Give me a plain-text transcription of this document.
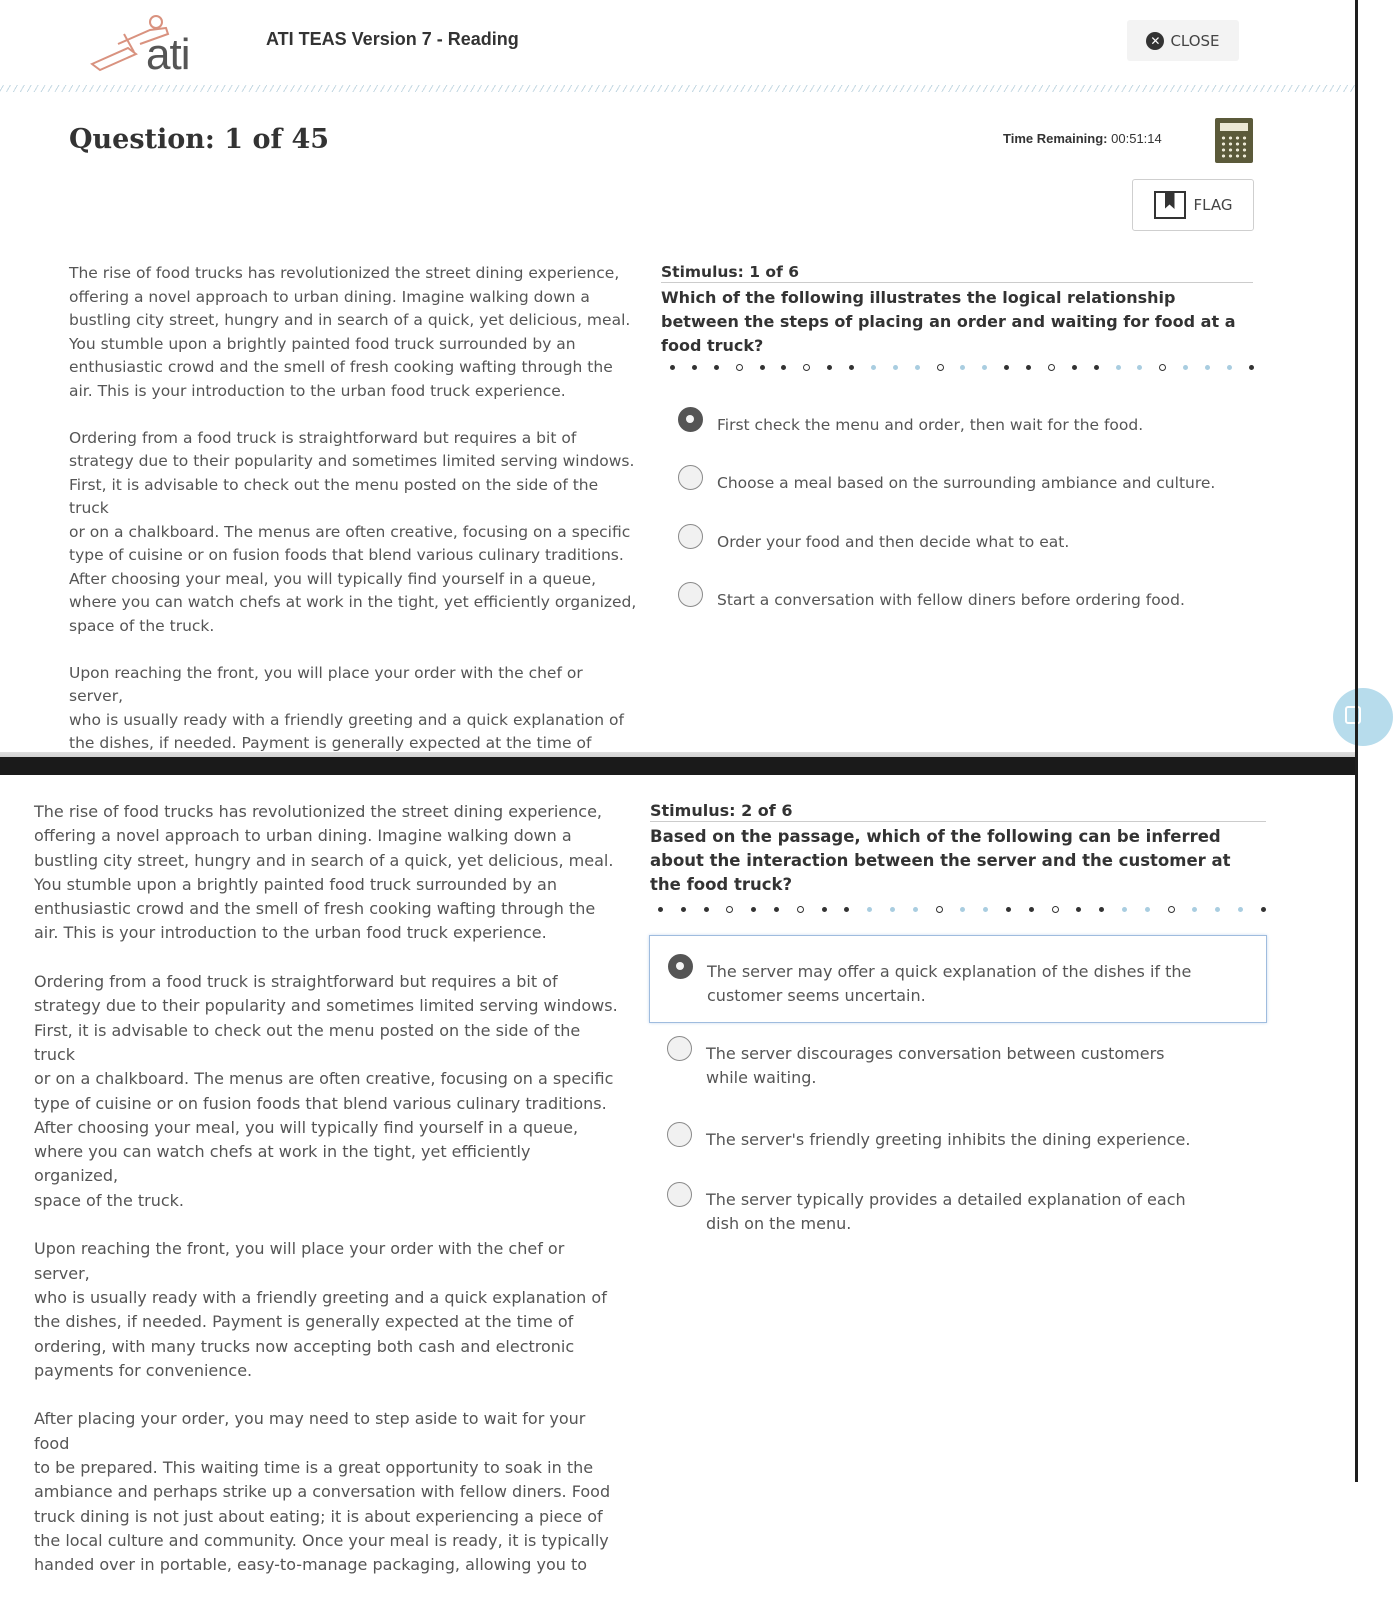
ati	ATI TEAS Version 7 - Reading	✕ CLOSE
Question: 1 of 45	Time Remaining: 00:51:14
FLAG

The rise of food trucks has revolutionized the street dining experience,
offering a novel approach to urban dining. Imagine walking down a
bustling city street, hungry and in search of a quick, yet delicious, meal.
You stumble upon a brightly painted food truck surrounded by an
enthusiastic crowd and the smell of fresh cooking wafting through the
air. This is your introduction to the urban food truck experience.

Ordering from a food truck is straightforward but requires a bit of
strategy due to their popularity and sometimes limited serving windows.
First, it is advisable to check out the menu posted on the side of the truck
or on a chalkboard. The menus are often creative, focusing on a specific
type of cuisine or on fusion foods that blend various culinary traditions.
After choosing your meal, you will typically find yourself in a queue,
where you can watch chefs at work in the tight, yet efficiently organized,
space of the truck.

Upon reaching the front, you will place your order with the chef or server,
who is usually ready with a friendly greeting and a quick explanation of
the dishes, if needed. Payment is generally expected at the time of

Stimulus: 1 of 6
Which of the following illustrates the logical relationship between the steps of placing an order and waiting for food at a food truck?
First check the menu and order, then wait for the food.
Choose a meal based on the surrounding ambiance and culture.
Order your food and then decide what to eat.
Start a conversation with fellow diners before ordering food.

The rise of food trucks has revolutionized the street dining experience,
offering a novel approach to urban dining. Imagine walking down a
bustling city street, hungry and in search of a quick, yet delicious, meal.
You stumble upon a brightly painted food truck surrounded by an
enthusiastic crowd and the smell of fresh cooking wafting through the
air. This is your introduction to the urban food truck experience.

Ordering from a food truck is straightforward but requires a bit of
strategy due to their popularity and sometimes limited serving windows.
First, it is advisable to check out the menu posted on the side of the truck
or on a chalkboard. The menus are often creative, focusing on a specific
type of cuisine or on fusion foods that blend various culinary traditions.
After choosing your meal, you will typically find yourself in a queue,
where you can watch chefs at work in the tight, yet efficiently organized,
space of the truck.

Upon reaching the front, you will place your order with the chef or server,
who is usually ready with a friendly greeting and a quick explanation of
the dishes, if needed. Payment is generally expected at the time of
ordering, with many trucks now accepting both cash and electronic
payments for convenience.

After placing your order, you may need to step aside to wait for your food
to be prepared. This waiting time is a great opportunity to soak in the
ambiance and perhaps strike up a conversation with fellow diners. Food
truck dining is not just about eating; it is about experiencing a piece of
the local culture and community. Once your meal is ready, it is typically
handed over in portable, easy-to-manage packaging, allowing you to

Stimulus: 2 of 6
Based on the passage, which of the following can be inferred about the interaction between the server and the customer at the food truck?
The server may offer a quick explanation of the dishes if the customer seems uncertain.
The server discourages conversation between customers while waiting.
The server's friendly greeting inhibits the dining experience.
The server typically provides a detailed explanation of each dish on the menu.
